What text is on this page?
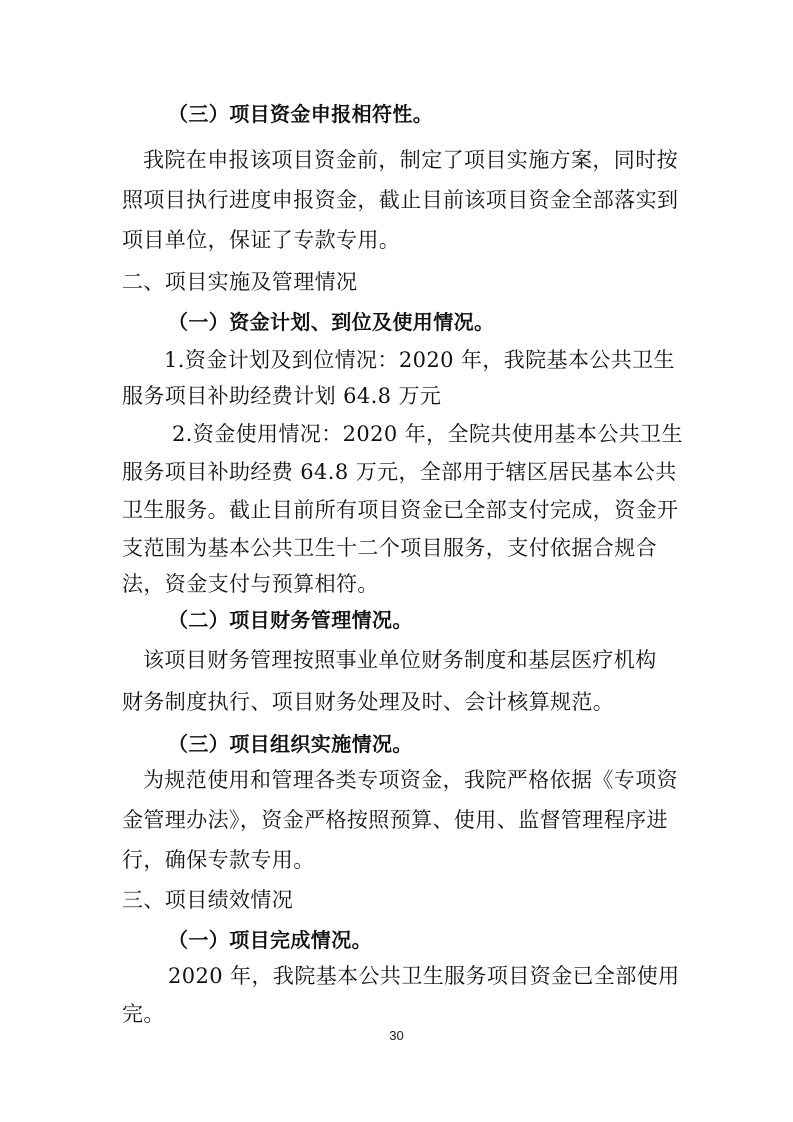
（三）项目资金申报相符性。
我院在申报该项目资金前，制定了项目实施方案，同时按
照项目执行进度申报资金，截止目前该项目资金全部落实到
项目单位，保证了专款专用。
二、项目实施及管理情况
（一）资金计划、到位及使用情况。
1.资金计划及到位情况：2020 年，我院基本公共卫生
服务项目补助经费计划 64.8 万元
2.资金使用情况：2020 年，全院共使用基本公共卫生
服务项目补助经费 64.8 万元，全部用于辖区居民基本公共
卫生服务。截止目前所有项目资金已全部支付完成，资金开
支范围为基本公共卫生十二个项目服务，支付依据合规合
法，资金支付与预算相符。
（二）项目财务管理情况。
该项目财务管理按照事业单位财务制度和基层医疗机构
财务制度执行、项目财务处理及时、会计核算规范。
（三）项目组织实施情况。
为规范使用和管理各类专项资金，我院严格依据《专项资
金管理办法》，资金严格按照预算、使用、监督管理程序进
行，确保专款专用。
三、项目绩效情况
（一）项目完成情况。
2020 年，我院基本公共卫生服务项目资金已全部使用
完。
30
